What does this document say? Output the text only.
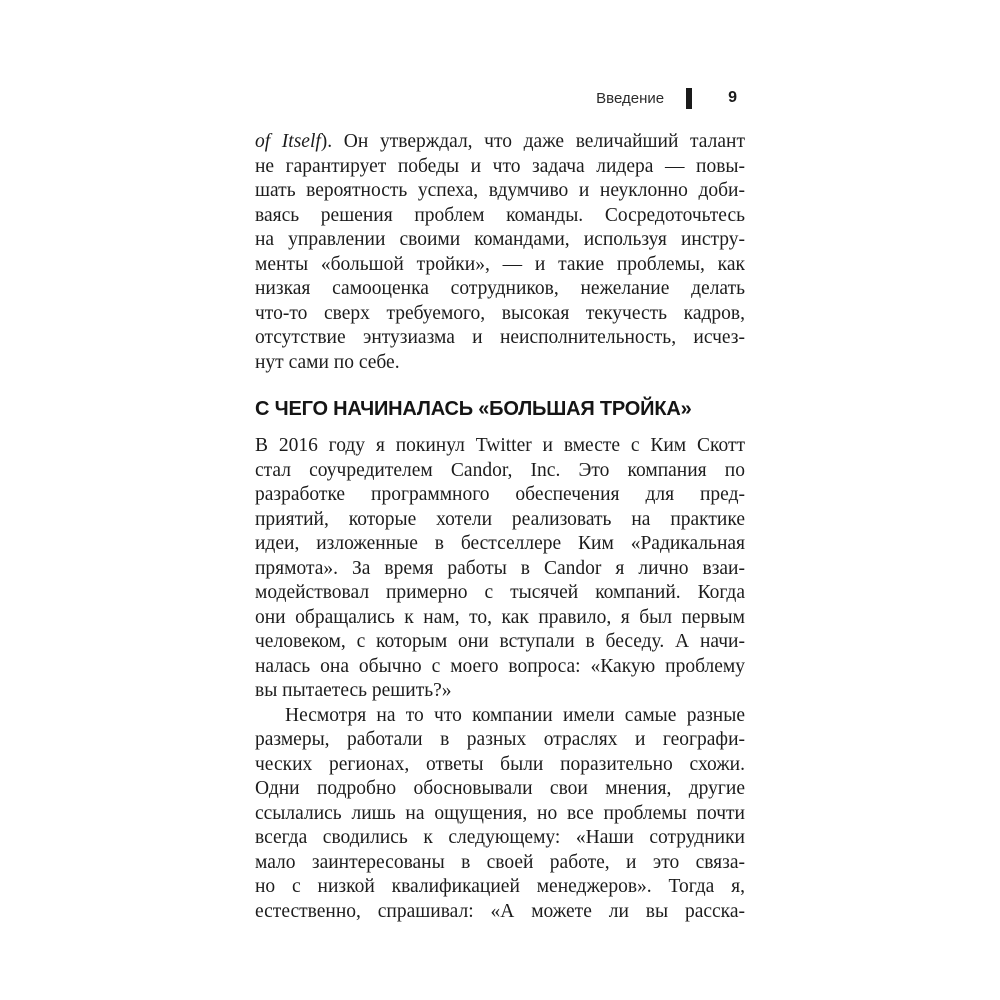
Введение	9
of Itself). Он утверждал, что даже величайший талант
не гарантирует победы и что задача лидера — повы-
шать вероятность успеха, вдумчиво и неуклонно доби-
ваясь решения проблем команды. Сосредоточьтесь
на управлении своими командами, используя инстру-
менты «большой тройки», — и такие проблемы, как
низкая самооценка сотрудников, нежелание делать
что-то сверх требуемого, высокая текучесть кадров,
отсутствие энтузиазма и неисполнительность, исчез-
нут сами по себе.
С ЧЕГО НАЧИНАЛАСЬ «БОЛЬШАЯ ТРОЙКА»
В 2016 году я покинул Twitter и вместе с Ким Скотт
стал соучредителем Candor, Inc. Это компания по
разработке программного обеспечения для пред-
приятий, которые хотели реализовать на практике
идеи, изложенные в бестселлере Ким «Радикальная
прямота». За время работы в Candor я лично взаи-
модействовал примерно с тысячей компаний. Когда
они обращались к нам, то, как правило, я был первым
человеком, с которым они вступали в беседу. А начи-
налась она обычно с моего вопроса: «Какую проблему
вы пытаетесь решить?»
Несмотря на то что компании имели самые разные
размеры, работали в разных отраслях и географи-
ческих регионах, ответы были поразительно схожи.
Одни подробно обосновывали свои мнения, другие
ссылались лишь на ощущения, но все проблемы почти
всегда сводились к следующему: «Наши сотрудники
мало заинтересованы в своей работе, и это связа-
но с низкой квалификацией менеджеров». Тогда я,
естественно, спрашивал: «А можете ли вы расска-
